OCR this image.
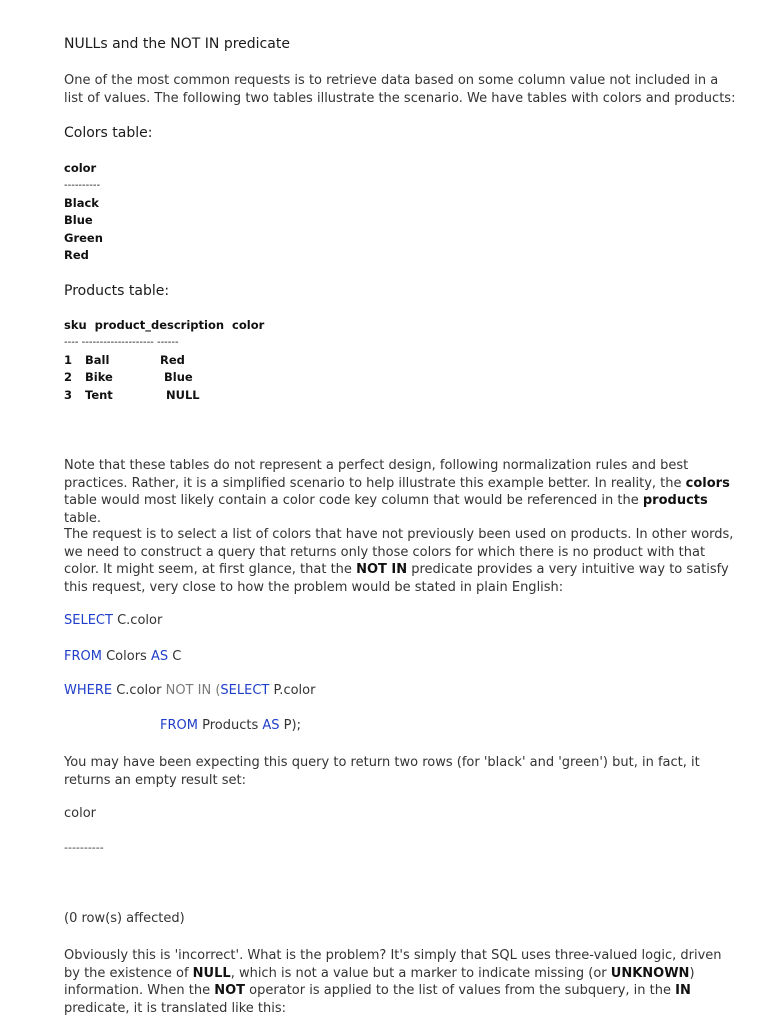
NULLs and the NOT IN predicate

One of the most common requests is to retrieve data based on some column value not included in a list of values. The following two tables illustrate the scenario. We have tables with colors and products:

Colors table:
color
----------
Black
Blue
Green
Red
Products table:
sku  product_description  color
---- -------------------- ------
1 Ball	Red
2 Bike	Blue
3 Tent	NULL

Note that these tables do not represent a perfect design, following normalization rules and best practices. Rather, it is a simplified scenario to help illustrate this example better. In reality, the colors table would most likely contain a color code key column that would be referenced in the products table.

The request is to select a list of colors that have not previously been used on products. In other words, we need to construct a query that returns only those colors for which there is no product with that color. It might seem, at first glance, that the NOT IN predicate provides a very intuitive way to satisfy this request, very close to how the problem would be stated in plain English:

SELECT C.color
FROM Colors AS C
WHERE C.color NOT IN (SELECT P.color
FROM Products AS P);

You may have been expecting this query to return two rows (for 'black' and 'green') but, in fact, it returns an empty result set:

color
----------
(0 row(s) affected)

Obviously this is 'incorrect'. What is the problem? It's simply that SQL uses three-valued logic, driven by the existence of NULL, which is not a value but a marker to indicate missing (or UNKNOWN) information. When the NOT operator is applied to the list of values from the subquery, in the IN predicate, it is translated like this:
